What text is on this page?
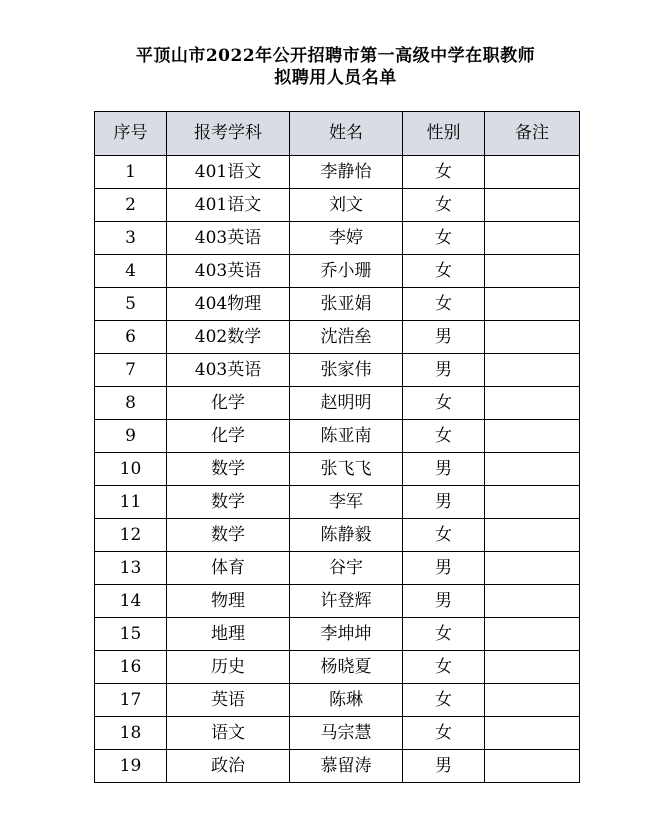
平顶山市2022年公开招聘市第一高级中学在职教师
拟聘用人员名单
序号	报考学科	姓名	性别	备注
1	401语文	李静怡	女	
2	401语文	刘文	女	
3	403英语	李婷	女	
4	403英语	乔小珊	女	
5	404物理	张亚娟	女	
6	402数学	沈浩垒	男	
7	403英语	张家伟	男	
8	化学	赵明明	女	
9	化学	陈亚南	女	
10	数学	张飞飞	男	
11	数学	李军	男	
12	数学	陈静毅	女	
13	体育	谷宇	男	
14	物理	许登辉	男	
15	地理	李坤坤	女	
16	历史	杨晓夏	女	
17	英语	陈琳	女	
18	语文	马宗慧	女	
19	政治	慕留涛	男	
